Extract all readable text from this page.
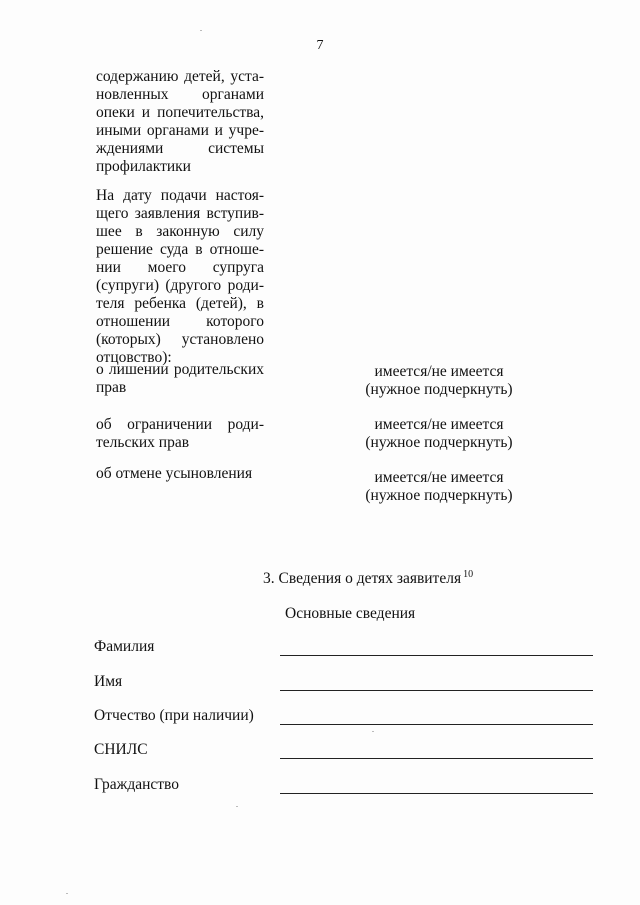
7
содержанию детей, уста-
новленных органами
опеки и попечительства,
иными органами и учре-
ждениями системы
профилактики
На дату подачи настоя-
щего заявления вступив-
шее в законную силу
решение суда в отноше-
нии моего супруга
(супруги) (другого роди-
теля ребенка (детей), в
отношении которого
(которых) установлено
отцовство):
о лишении родительских
прав
имеется/не имеется
(нужное подчеркнуть)
об ограничении роди-
тельских прав
имеется/не имеется
(нужное подчеркнуть)
об отмене усыновления	имеется/не имеется
(нужное подчеркнуть)
3. Сведения о детях заявителя $^{10}$
Основные сведения
Фамилия
Имя
Отчество (при наличии)
СНИЛС
Гражданство
